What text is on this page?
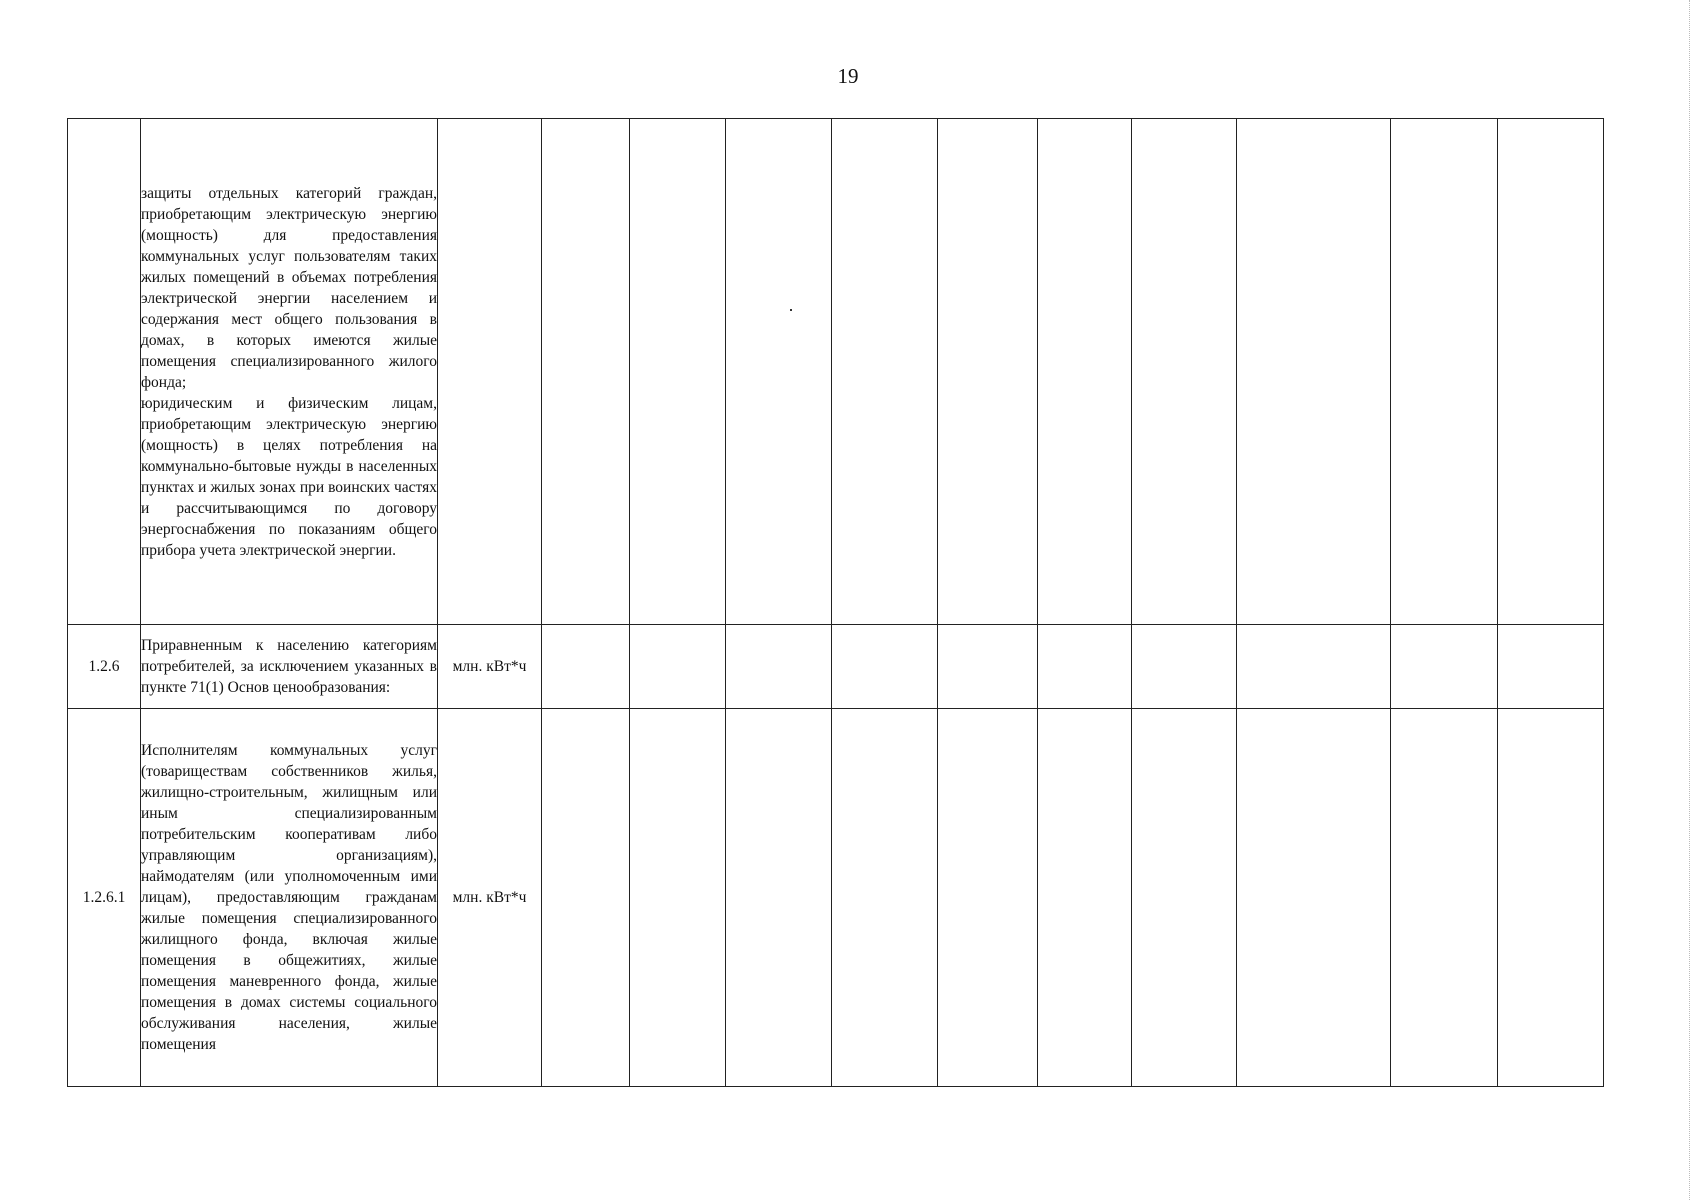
19

	защиты отдельных категорий граждан, приобретающим электрическую энергию (мощность) для предоставления коммунальных услуг пользователям таких жилых помещений в объемах потребления электрической энергии населением и содержания мест общего пользования в домах, в которых имеются жилые помещения специализированного жилого фонда;

юридическим и физическим лицам, приобретающим электрическую энергию (мощность) в целях потребления на коммунально-бытовые нужды в населенных пунктах и жилых зонах при воинских частях и рассчитывающимся по договору энергоснабжения по показаниям общего прибора учета электрической энергии.											

1.2.6	Приравненным к населению категориям потребителей, за исключением указанных в пункте 71(1) Основ ценообразования:	млн. кВт*ч										
1.2.6.1	Исполнителям коммунальных услуг (товариществам собственников жилья, жилищно-строительным, жилищным или иным специализированным потребительским кооперативам либо управляющим организациям), наймодателям (или уполномоченным ими лицам), предоставляющим гражданам жилые помещения специализированного жилищного фонда, включая жилые помещения в общежитиях, жилые помещения маневренного фонда, жилые помещения в домах системы социального обслуживания населения, жилые помещения	млн. кВт*ч										
